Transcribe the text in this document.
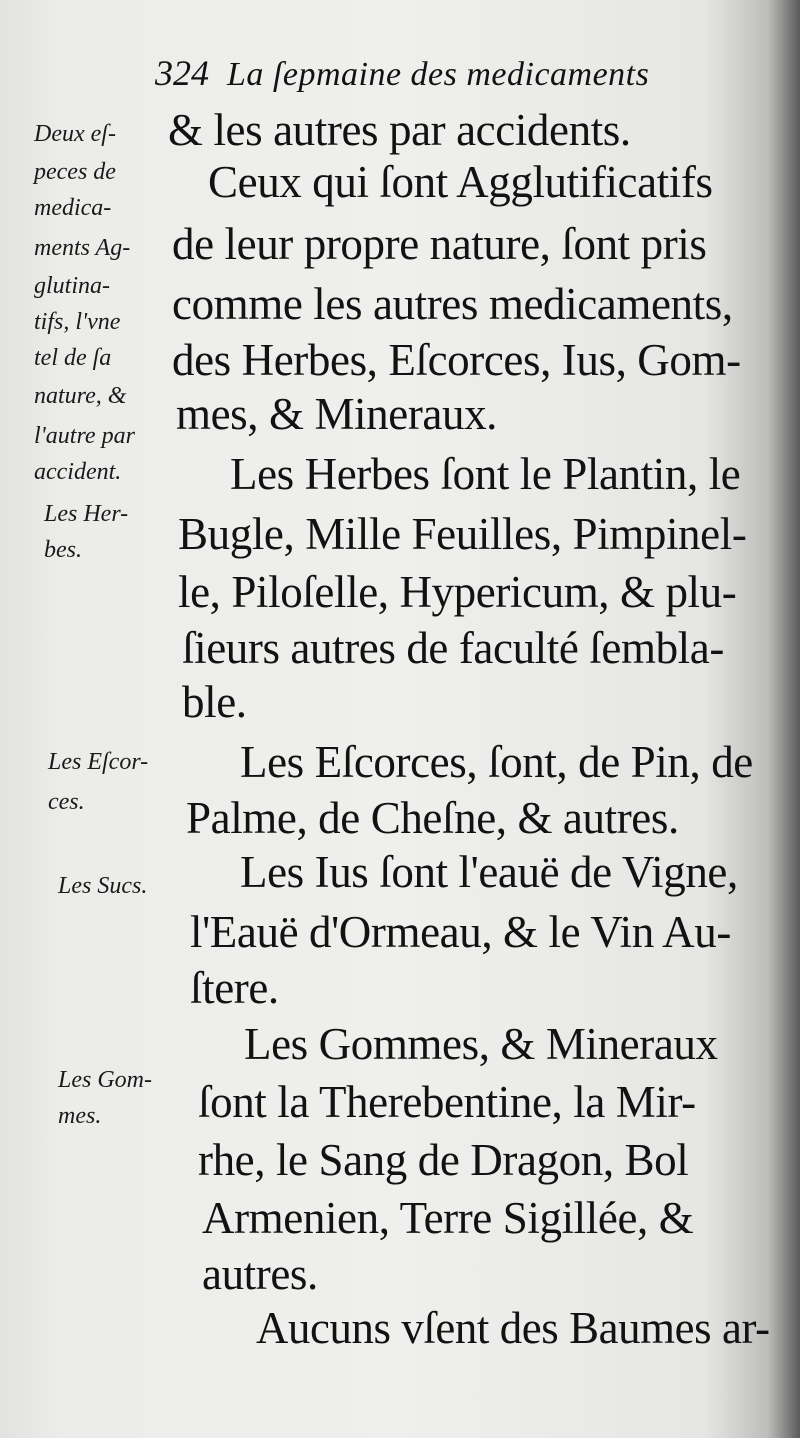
324 La ſepmaine des medicaments
& les autres par accidents.
Ceux qui ſont Agglutificatifs
de leur propre nature, ſont pris
comme les autres medicaments,
des Herbes, Eſcorces, Ius, Gom-
mes, & Mineraux.
Les Herbes ſont le Plantin, le
Bugle, Mille Feuilles, Pimpinel-
le, Piloſelle, Hypericum, & plu-
ſieurs autres de faculté ſembla-
ble.
Les Eſcorces, ſont, de Pin, de
Palme, de Cheſne, & autres.
Les Ius ſont l'eauë de Vigne,
l'Eauë d'Ormeau, & le Vin Au-
ſtere.
Les Gommes, & Mineraux
ſont la Therebentine, la Mir-
rhe, le Sang de Dragon, Bol
Armenien, Terre Sigillée, &
autres.
Aucuns vſent des Baumes ar-
Deux eſ-
peces de
medica-
ments Ag-
glutina-
tifs, l'vne
tel de ſa
nature, &
l'autre par
accident.
Les Her-
bes.
Les Eſcor-
ces.
Les Sucs.
Les Gom-
mes.
